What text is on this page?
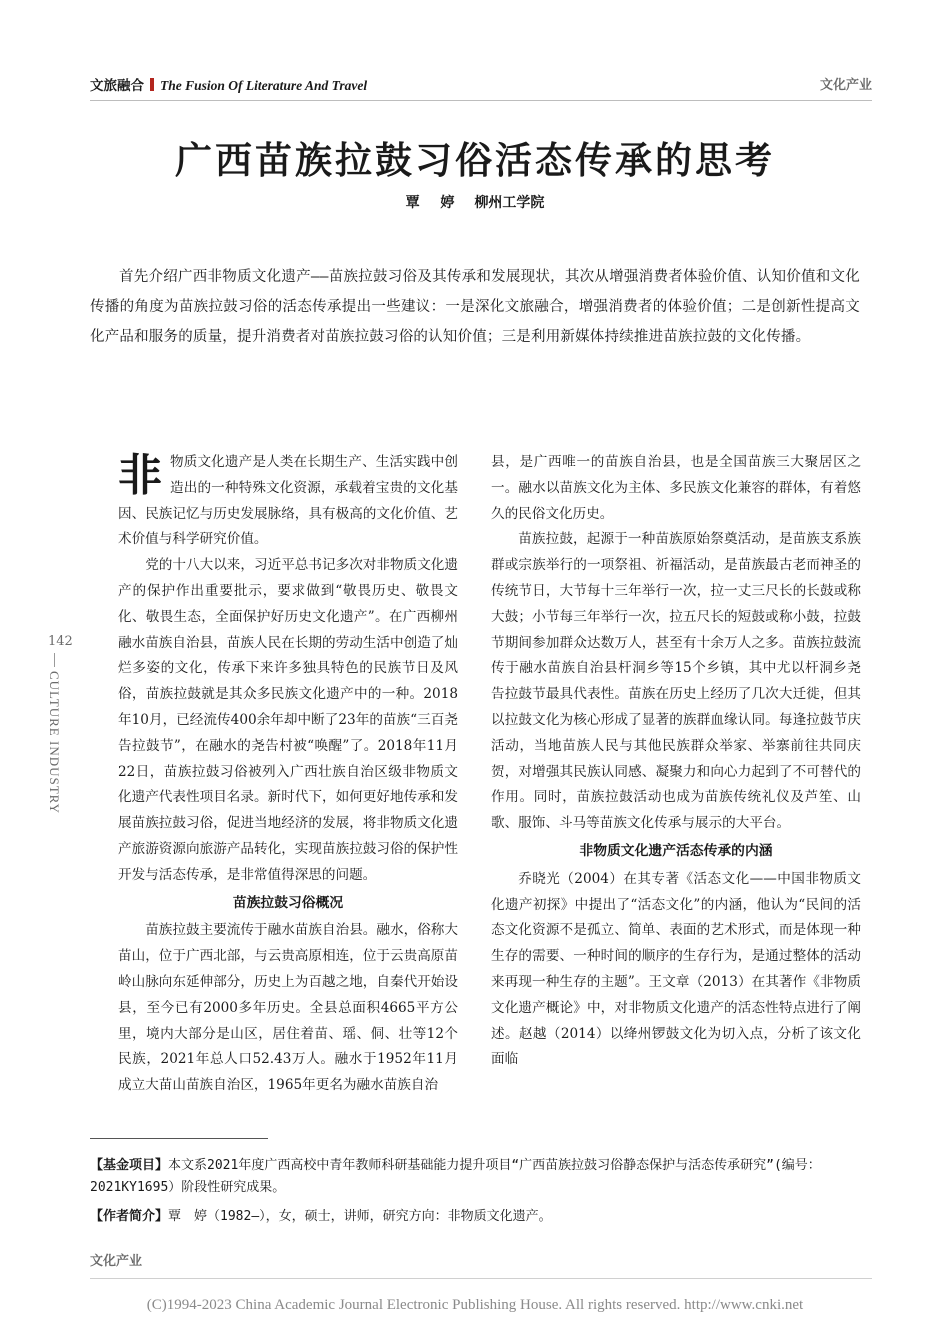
文旅融合 The Fusion Of Literature And Travel	文化产业
广西苗族拉鼓习俗活态传承的思考
覃 婷 柳州工学院
首先介绍广西非物质文化遗产——苗族拉鼓习俗及其传承和发展现状，其次从增强消费者体验价值、认知价值和文化传播的角度为苗族拉鼓习俗的活态传承提出一些建议：一是深化文旅融合，增强消费者的体验价值；二是创新性提高文化产品和服务的质量，提升消费者对苗族拉鼓习俗的认知价值；三是利用新媒体持续推进苗族拉鼓的文化传播。

非物质文化遗产是人类在长期生产、生活实践中创造出的一种特殊文化资源，承载着宝贵的文化基因、民族记忆与历史发展脉络，具有极高的文化价值、艺术价值与科学研究价值。

党的十八大以来，习近平总书记多次对非物质文化遗产的保护作出重要批示，要求做到“敬畏历史、敬畏文化、敬畏生态，全面保护好历史文化遗产”。在广西柳州融水苗族自治县，苗族人民在长期的劳动生活中创造了灿烂多姿的文化，传承下来许多独具特色的民族节日及风俗，苗族拉鼓就是其众多民族文化遗产中的一种。2018年10月，已经流传400余年却中断了23年的苗族“三百尧告拉鼓节”，在融水的尧告村被“唤醒”了。2018年11月22日，苗族拉鼓习俗被列入广西壮族自治区级非物质文化遗产代表性项目名录。新时代下，如何更好地传承和发展苗族拉鼓习俗，促进当地经济的发展，将非物质文化遗产旅游资源向旅游产品转化，实现苗族拉鼓习俗的保护性开发与活态传承，是非常值得深思的问题。

苗族拉鼓习俗概况

苗族拉鼓主要流传于融水苗族自治县。融水，俗称大苗山，位于广西北部，与云贵高原相连，位于云贵高原苗岭山脉向东延伸部分，历史上为百越之地，自秦代开始设县，至今已有2000多年历史。全县总面积4665平方公里，境内大部分是山区，居住着苗、瑶、侗、壮等12个民族，2021年总人口52.43万人。融水于1952年11月成立大苗山苗族自治区，1965年更名为融水苗族自治

县，是广西唯一的苗族自治县，也是全国苗族三大聚居区之一。融水以苗族文化为主体、多民族文化兼容的群体，有着悠久的民俗文化历史。

苗族拉鼓，起源于一种苗族原始祭奠活动，是苗族支系族群或宗族举行的一项祭祖、祈福活动，是苗族最古老而神圣的传统节日，大节每十三年举行一次，拉一丈三尺长的长鼓或称大鼓；小节每三年举行一次，拉五尺长的短鼓或称小鼓，拉鼓节期间参加群众达数万人，甚至有十余万人之多。苗族拉鼓流传于融水苗族自治县杆洞乡等15个乡镇，其中尤以杆洞乡尧告拉鼓节最具代表性。苗族在历史上经历了几次大迁徙，但其以拉鼓文化为核心形成了显著的族群血缘认同。每逢拉鼓节庆活动，当地苗族人民与其他民族群众举家、举寨前往共同庆贺，对增强其民族认同感、凝聚力和向心力起到了不可替代的作用。同时，苗族拉鼓活动也成为苗族传统礼仪及芦笙、山歌、服饰、斗马等苗族文化传承与展示的大平台。

非物质文化遗产活态传承的内涵

乔晓光（2004）在其专著《活态文化——中国非物质文化遗产初探》中提出了“活态文化”的内涵，他认为“民间的活态文化资源不是孤立、简单、表面的艺术形式，而是体现一种生存的需要、一种时间的顺序的生存行为，是通过整体的活动来再现一种生存的主题”。王文章（2013）在其著作《非物质文化遗产概论》中，对非物质文化遗产的活态性特点进行了阐述。赵越（2014）以绛州锣鼓文化为切入点，分析了该文化面临

142
CULTURE INDUSTRY
【基金项目】本文系2021年度广西高校中青年教师科研基础能力提升项目“广西苗族拉鼓习俗静态保护与活态传承研究”(编号：2021KY1695）阶段性研究成果。
【作者简介】覃　婷（1982—），女，硕士，讲师，研究方向：非物质文化遗产。
文化产业
(C)1994-2023 China Academic Journal Electronic Publishing House. All rights reserved. http://www.cnki.net
